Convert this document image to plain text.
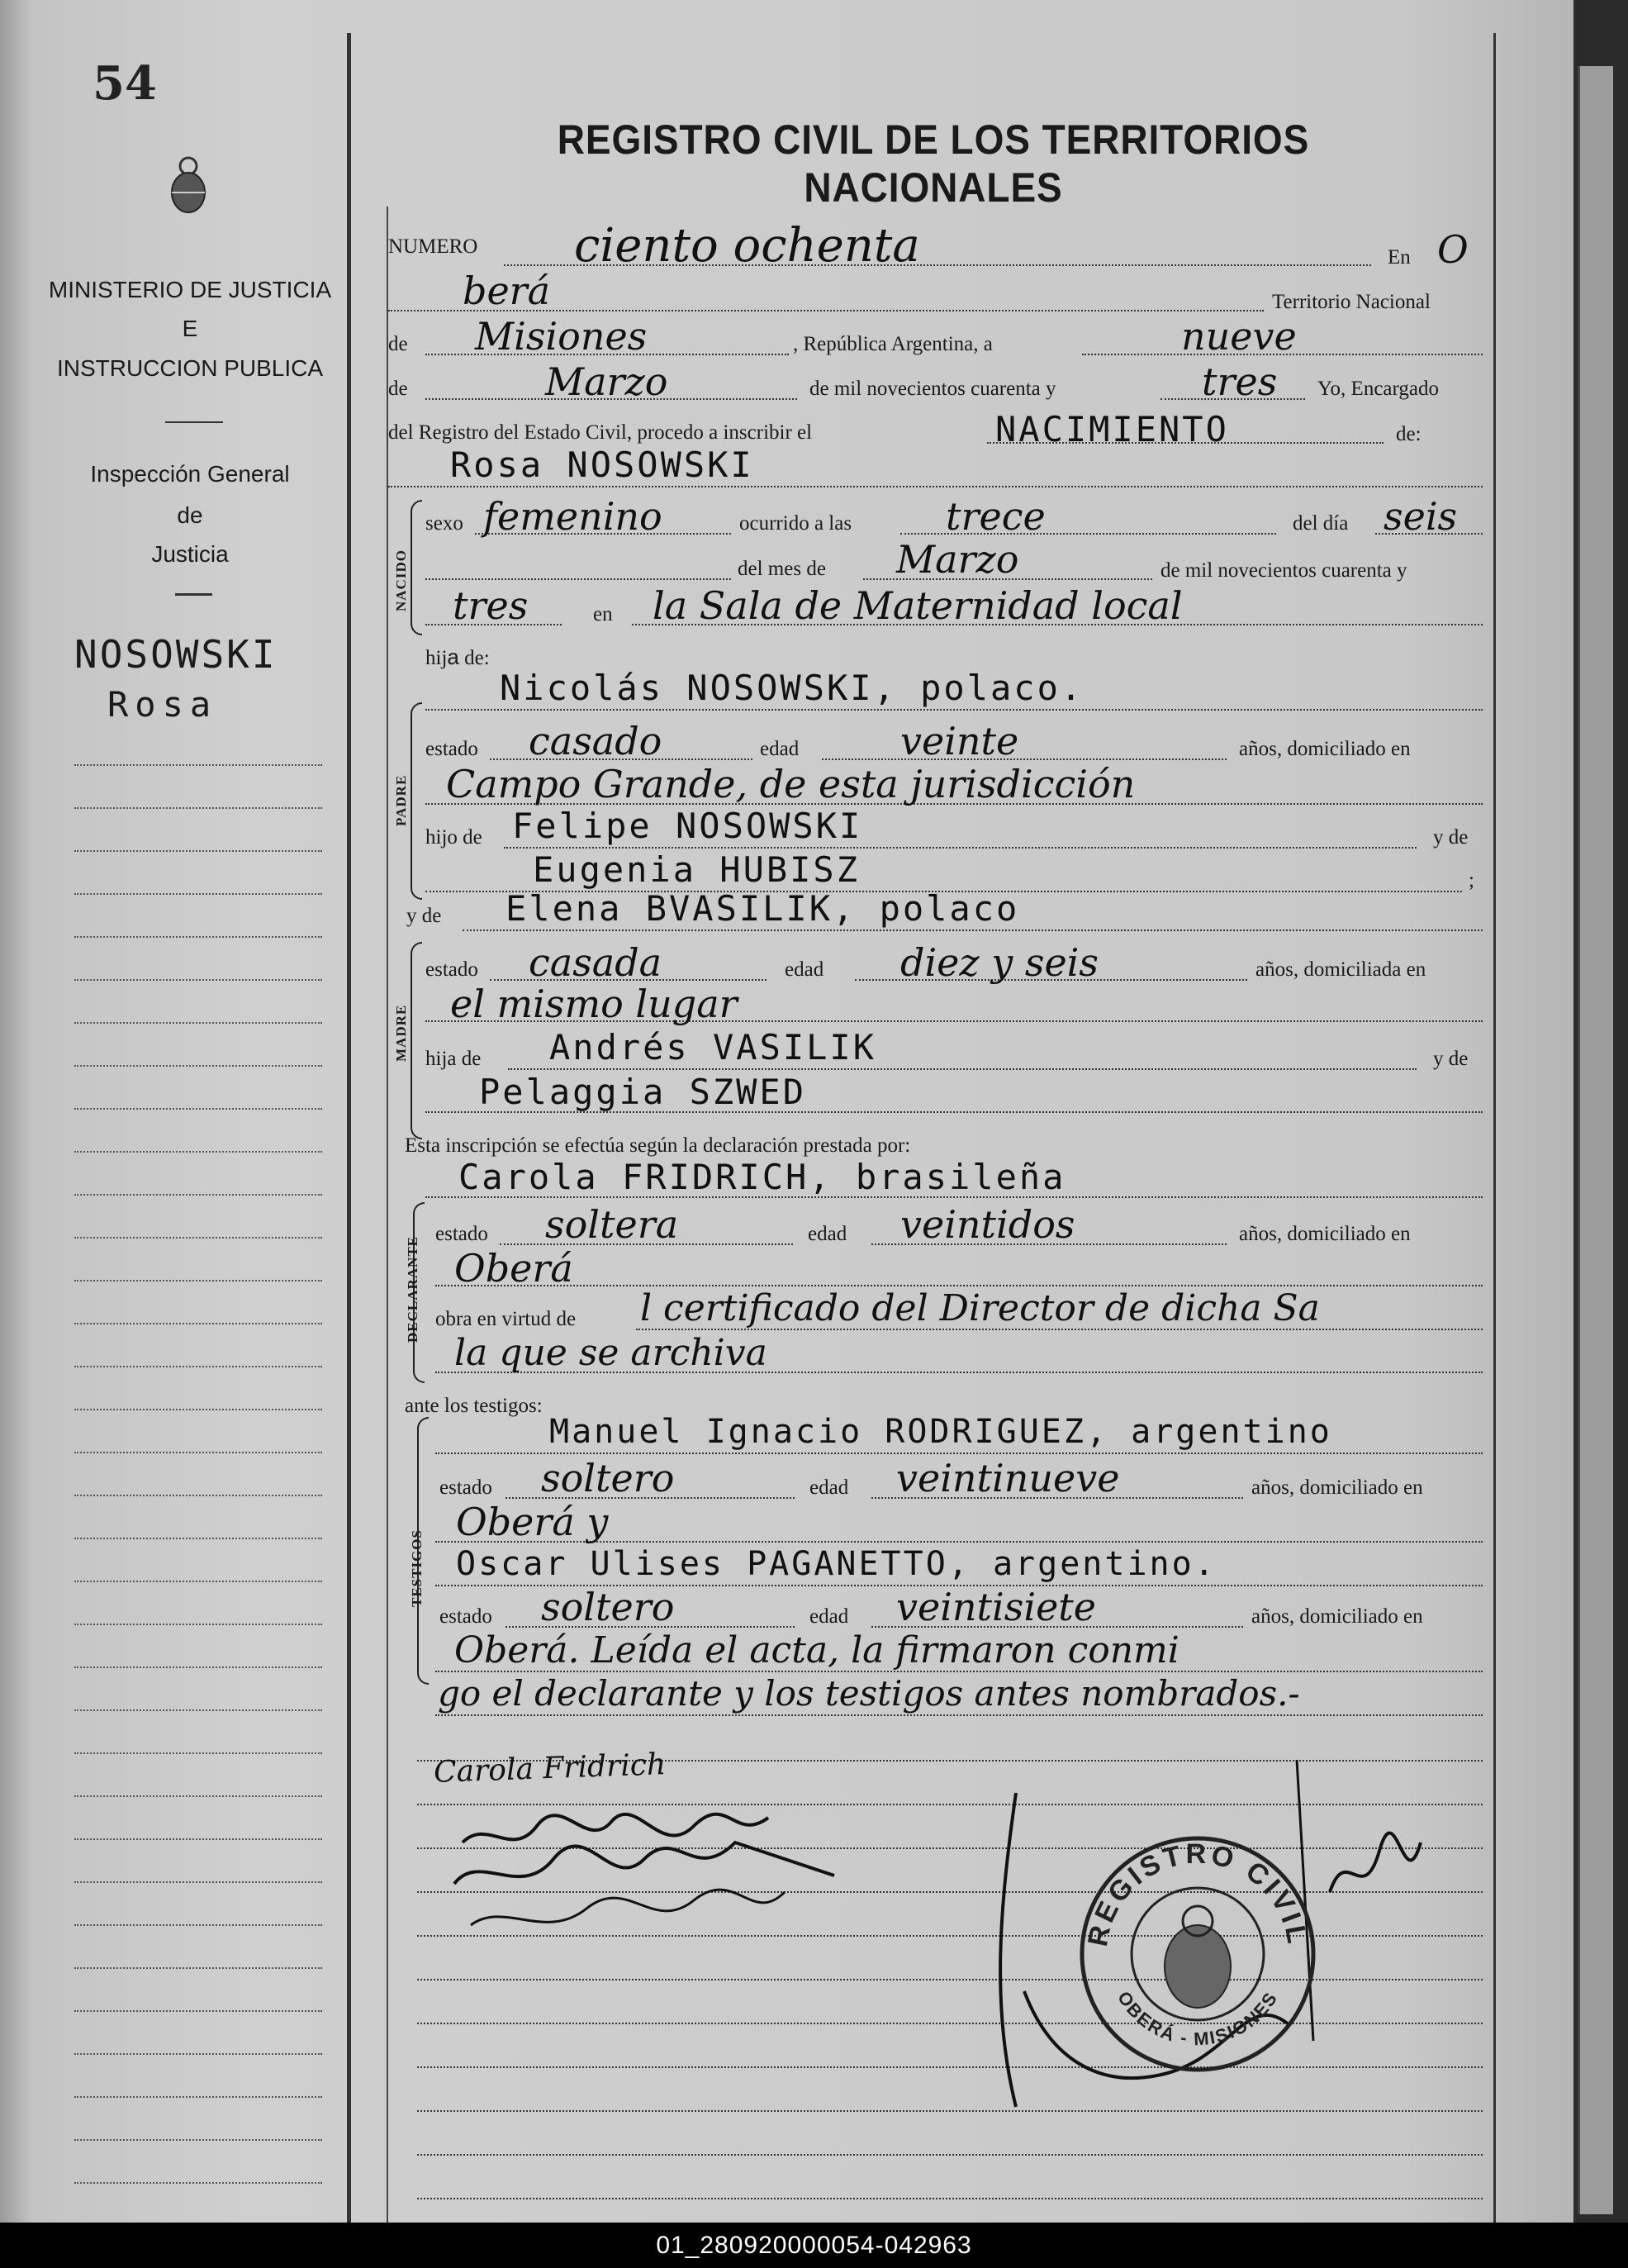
54
MINISTERIO DE JUSTICIA
E
INSTRUCCION PUBLICA
Inspección General
de
Justicia
NOSOWSKI
Rosa
REGISTRO CIVIL DE LOS TERRITORIOS NACIONALES
NUMERO ciento ochenta	En O
berá	Territorio Nacional
de Misiones	, República Argentina, a	nueve
de	Marzo	de mil novecientos cuarenta y	tres Yo, Encargado
del Registro del Estado Civil, procedo a inscribir el	NACIMIENTO	de:
Rosa NOSOWSKI
NACIDO
sexo femenino	ocurrido a las trece	del día seis
del mes de Marzo	de mil novecientos cuarenta y
tres	en la Sala de Maternidad local
hija de:
PADRE
Nicolás NOSOWSKI, polaco.
estado casado	edad	veinte	años, domiciliado en
Campo Grande, de esta jurisdicción
hijo de Felipe NOSOWSKI	y de
Eugenia HUBISZ	;
y de Elena BVASILIK, polaco
MADRE
estado casada	edad diez y seis	años, domiciliada en
el mismo lugar
hija de Andrés VASILIK	y de
Pelaggia SZWED
Esta inscripción se efectúa según la declaración prestada por:
Carola FRIDRICH, brasileña
DECLARANTE
estado soltera	edad veintidos	años, domiciliado en
Oberá
obra en virtud de l certificado del Director de dicha Sa
la que se archiva
ante los testigos:
TESTIGOS
Manuel Ignacio RODRIGUEZ, argentino
estado soltero	edad veintinueve	años, domiciliado en
Oberá y
Oscar Ulises PAGANETTO, argentino.
estado soltero	edad veintisiete	años, domiciliado en
Oberá. Leída el acta, la firmaron conmi
go el declarante y los testigos antes nombrados.-
Carola Fridrich
REGISTRO CIVIL
OBERÁ - MISIONES
01_280920000054-042963
